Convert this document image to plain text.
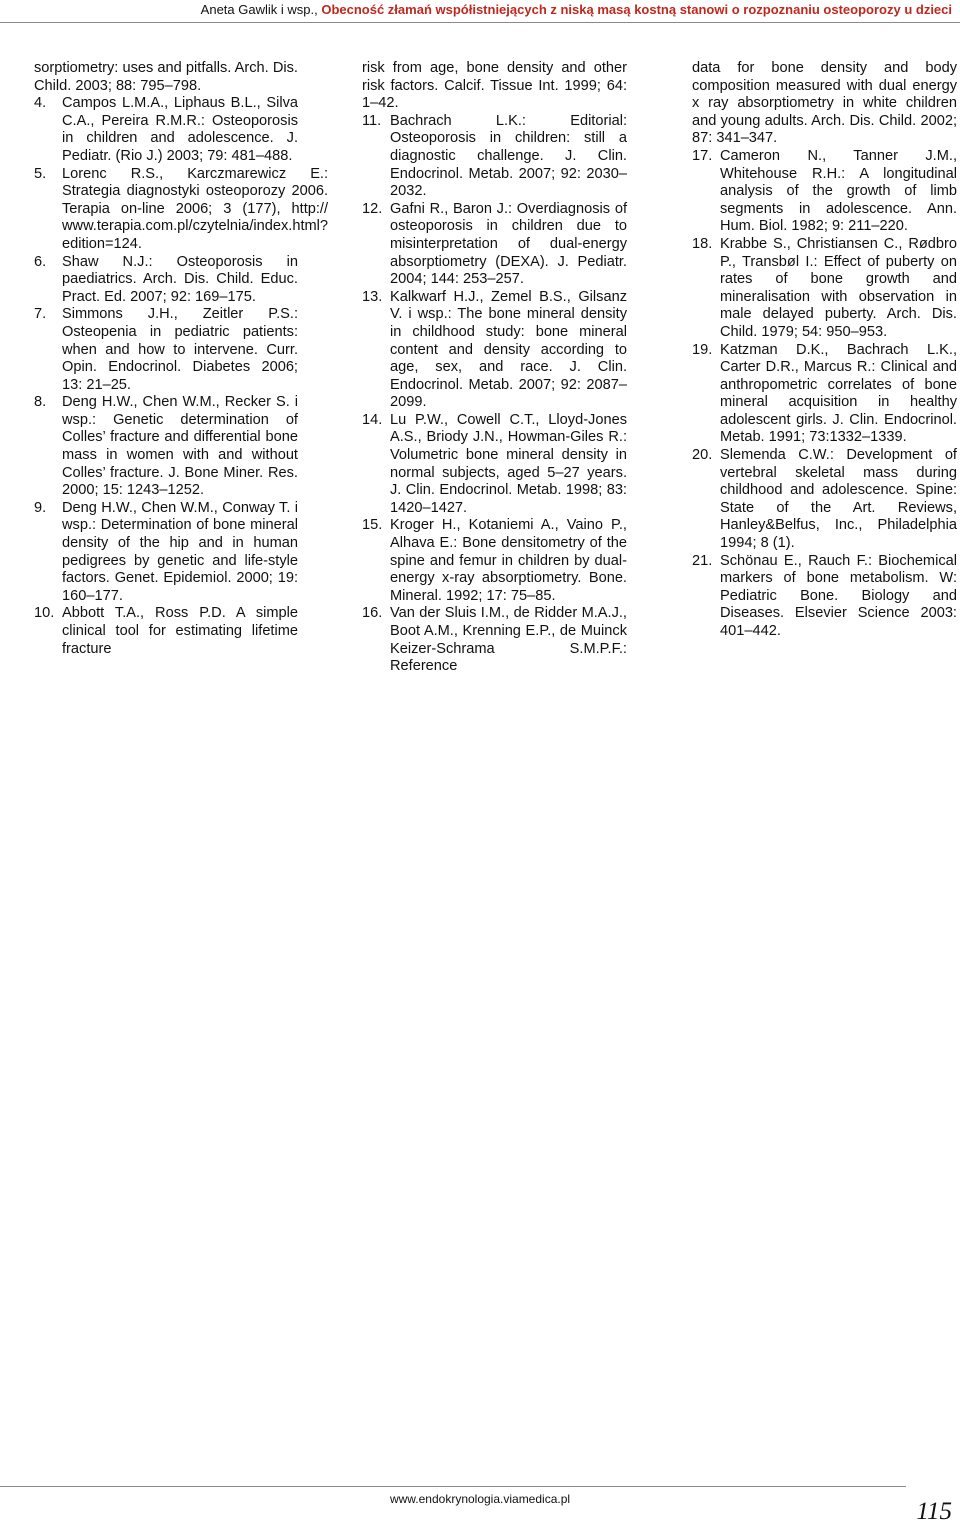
Aneta Gawlik i wsp., Obecność złamań współistniejących z niską masą kostną stanowi o rozpoznaniu osteoporozy u dzieci
sorptiometry: uses and pitfalls. Arch. Dis. Child. 2003; 88: 795–798.
4.	Campos L.M.A., Liphaus B.L., Silva C.A., Pereira R.M.R.: Osteoporosis in children and adolescence. J. Pediatr. (Rio J.) 2003; 79: 481–488.
5.	Lorenc R.S., Karczmarewicz E.: Strategia diagnostyki osteoporozy 2006. Terapia on-line 2006; 3 (177), http:// www.terapia.com.pl/czytelnia/index.html?edition=124.
6.	Shaw N.J.: Osteoporosis in paediatrics. Arch. Dis. Child. Educ. Pract. Ed. 2007; 92: 169–175.
7.	Simmons J.H., Zeitler P.S.: Osteopenia in pediatric patients: when and how to intervene. Curr. Opin. Endocrinol. Diabetes 2006; 13: 21–25.
8.	Deng H.W., Chen W.M., Recker S. i wsp.: Genetic determination of Colles’ fracture and differential bone mass in women with and without Colles’ fracture. J. Bone Miner. Res. 2000; 15: 1243–1252.
9.	Deng H.W., Chen W.M., Conway T. i wsp.: Determination of bone mineral density of the hip and in human pedigrees by genetic and life-style factors. Genet. Epidemiol. 2000; 19: 160–177.
10. Abbott T.A., Ross P.D. A simple clinical tool for estimating lifetime fracture
risk from age, bone density and other risk factors. Calcif. Tissue Int. 1999; 64: 1–42.
11. Bachrach L.K.: Editorial: Osteoporosis in children: still a diagnostic challenge. J. Clin. Endocrinol. Metab. 2007; 92: 2030–2032.
12. Gafni R., Baron J.: Overdiagnosis of osteoporosis in children due to misinterpretation of dual-energy absorptiometry (DEXA). J. Pediatr. 2004; 144: 253–257.
13. Kalkwarf H.J., Zemel B.S., Gilsanz V. i wsp.: The bone mineral density in childhood study: bone mineral content and density according to age, sex, and race. J. Clin. Endocrinol. Metab. 2007; 92: 2087–2099.
14. Lu P.W., Cowell C.T., Lloyd-Jones A.S., Briody J.N., Howman-Giles R.: Volumetric bone mineral density in normal subjects, aged 5–27 years. J. Clin. Endocrinol. Metab. 1998; 83: 1420–1427.
15. Kroger H., Kotaniemi A., Vaino P., Alhava E.: Bone densitometry of the spine and femur in children by dual-energy x-ray absorptiometry. Bone. Mineral. 1992; 17: 75–85.
16. Van der Sluis I.M., de Ridder M.A.J., Boot A.M., Krenning E.P., de Muinck Keizer-Schrama S.M.P.F.: Reference
data for bone density and body composition measured with dual energy x ray absorptiometry in white children and young adults. Arch. Dis. Child. 2002; 87: 341–347.
17. Cameron N., Tanner J.M., Whitehouse R.H.: A longitudinal analysis of the growth of limb segments in adolescence. Ann. Hum. Biol. 1982; 9: 211–220.
18. Krabbe S., Christiansen C., Rødbro P., Transbøl I.: Effect of puberty on rates of bone growth and mineralisation with observation in male delayed puberty. Arch. Dis. Child. 1979; 54: 950–953.
19. Katzman D.K., Bachrach L.K., Carter D.R., Marcus R.: Clinical and anthropometric correlates of bone mineral acquisition in healthy adolescent girls. J. Clin. Endocrinol. Metab. 1991; 73:1332–1339.
20. Slemenda C.W.: Development of vertebral skeletal mass during childhood and adolescence. Spine: State of the Art. Reviews, Hanley&Belfus, Inc., Philadelphia 1994; 8 (1).
21. Schönau E., Rauch F.: Biochemical markers of bone metabolism. W: Pediatric Bone. Biology and Diseases. Elsevier Science 2003: 401–442.
www.endokrynologia.viamedica.pl	115
